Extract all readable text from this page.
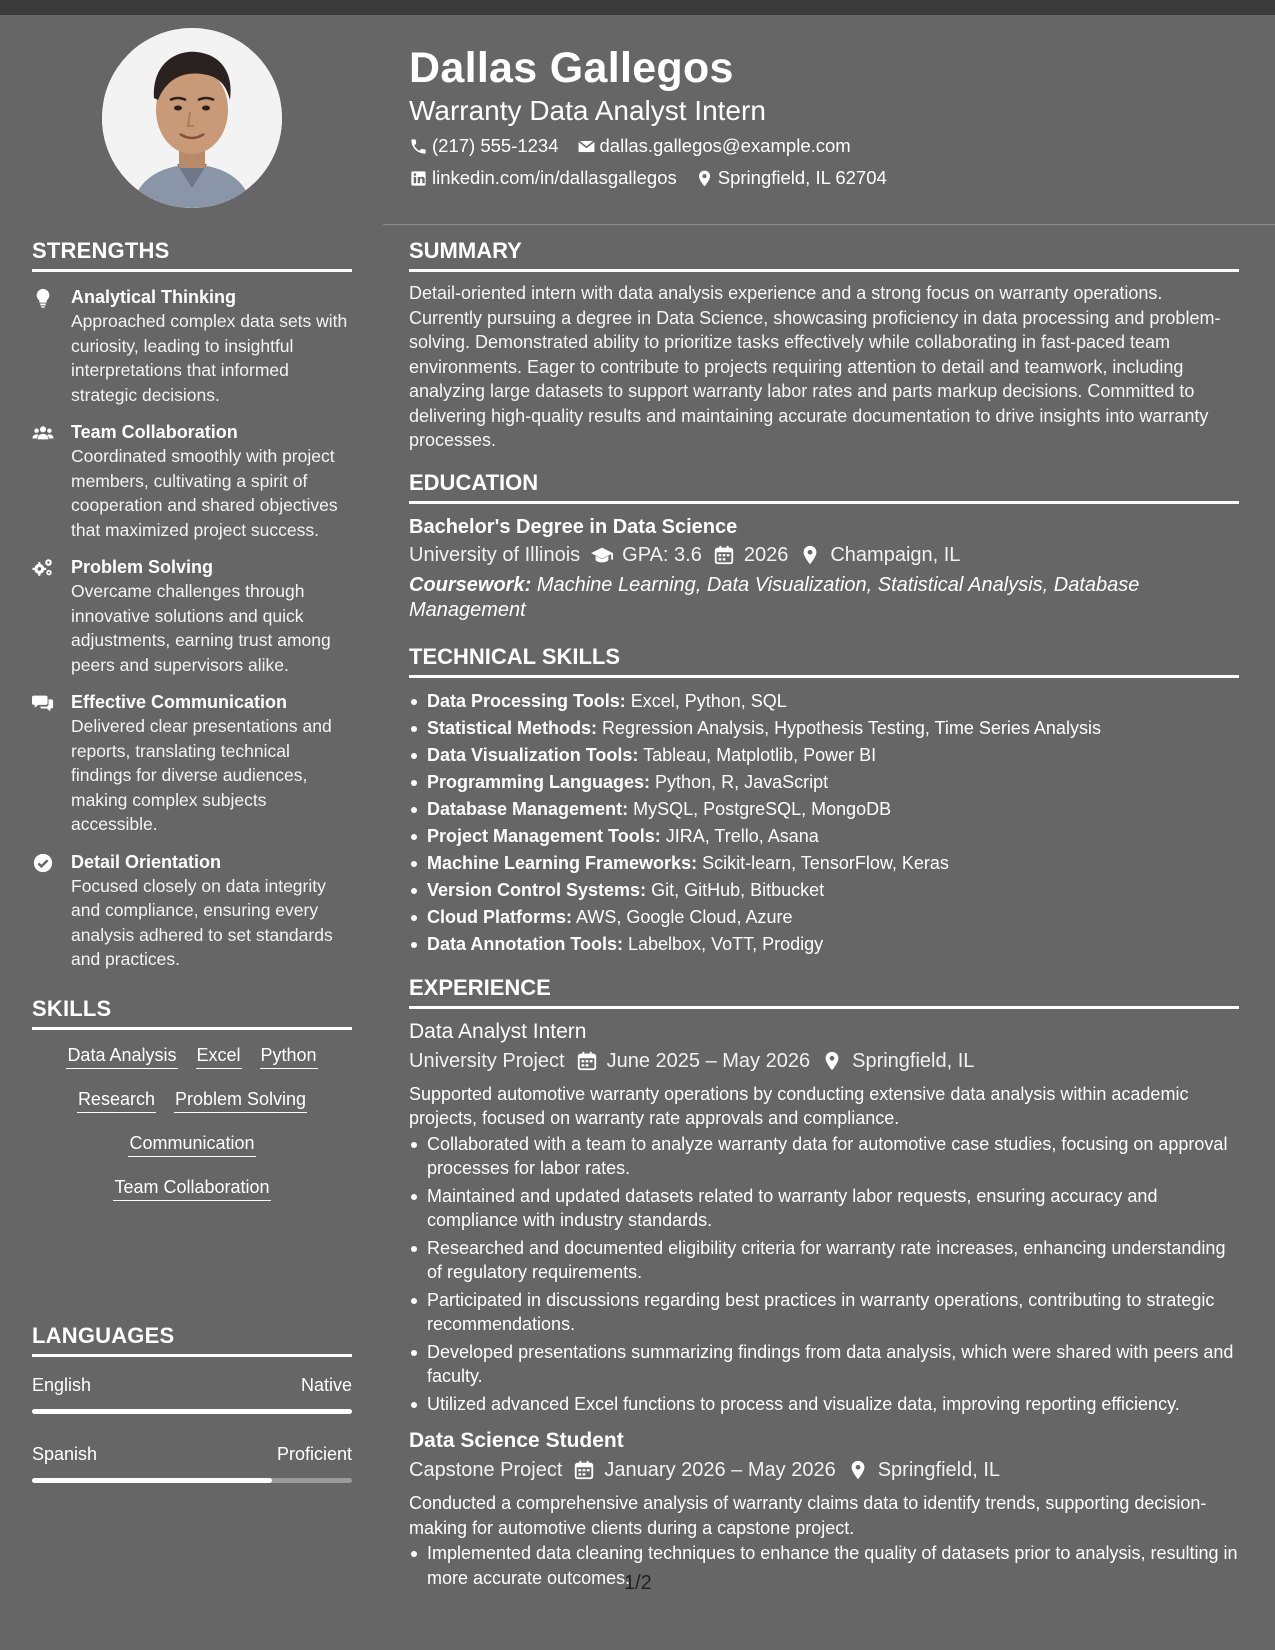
Dallas Gallegos
Warranty Data Analyst Intern
(217) 555-1234 dallas.gallegos@example.com
linkedin.com/in/dallasgallegos Springfield, IL 62704
STRENGTHS
Analytical Thinking
Approached complex data sets with curiosity, leading to insightful interpretations that informed strategic decisions.
Team Collaboration
Coordinated smoothly with project members, cultivating a spirit of cooperation and shared objectives that maximized project success.
Problem Solving
Overcame challenges through innovative solutions and quick adjustments, earning trust among peers and supervisors alike.
Effective Communication
Delivered clear presentations and reports, translating technical findings for diverse audiences, making complex subjects accessible.
Detail Orientation
Focused closely on data integrity and compliance, ensuring every analysis adhered to set standards and practices.
SKILLS
Data Analysis Excel Python
Research Problem Solving
Communication
Team Collaboration
LANGUAGES
English	Native
Spanish	Proficient
SUMMARY
Detail-oriented intern with data analysis experience and a strong focus on warranty operations. Currently pursuing a degree in Data Science, showcasing proficiency in data processing and problem-solving. Demonstrated ability to prioritize tasks effectively while collaborating in fast-paced team environments. Eager to contribute to projects requiring attention to detail and teamwork, including analyzing large datasets to support warranty labor rates and parts markup decisions. Committed to delivering high-quality results and maintaining accurate documentation to drive insights into warranty processes.
EDUCATION
Bachelor's Degree in Data Science
University of Illinois GPA: 3.6 2026 Champaign, IL
Coursework: Machine Learning, Data Visualization, Statistical Analysis, Database Management
TECHNICAL SKILLS
Data Processing Tools: Excel, Python, SQL
Statistical Methods: Regression Analysis, Hypothesis Testing, Time Series Analysis
Data Visualization Tools: Tableau, Matplotlib, Power BI
Programming Languages: Python, R, JavaScript
Database Management: MySQL, PostgreSQL, MongoDB
Project Management Tools: JIRA, Trello, Asana
Machine Learning Frameworks: Scikit-learn, TensorFlow, Keras
Version Control Systems: Git, GitHub, Bitbucket
Cloud Platforms: AWS, Google Cloud, Azure
Data Annotation Tools: Labelbox, VoTT, Prodigy
EXPERIENCE
Data Analyst Intern
University Project June 2025 – May 2026 Springfield, IL
Supported automotive warranty operations by conducting extensive data analysis within academic projects, focused on warranty rate approvals and compliance.
Collaborated with a team to analyze warranty data for automotive case studies, focusing on approval processes for labor rates.
Maintained and updated datasets related to warranty labor requests, ensuring accuracy and compliance with industry standards.
Researched and documented eligibility criteria for warranty rate increases, enhancing understanding of regulatory requirements.
Participated in discussions regarding best practices in warranty operations, contributing to strategic recommendations.
Developed presentations summarizing findings from data analysis, which were shared with peers and faculty.
Utilized advanced Excel functions to process and visualize data, improving reporting efficiency.
Data Science Student
Capstone Project January 2026 – May 2026 Springfield, IL
Conducted a comprehensive analysis of warranty claims data to identify trends, supporting decision-making for automotive clients during a capstone project.
Implemented data cleaning techniques to enhance the quality of datasets prior to analysis, resulting in more accurate outcomes.
1/2
